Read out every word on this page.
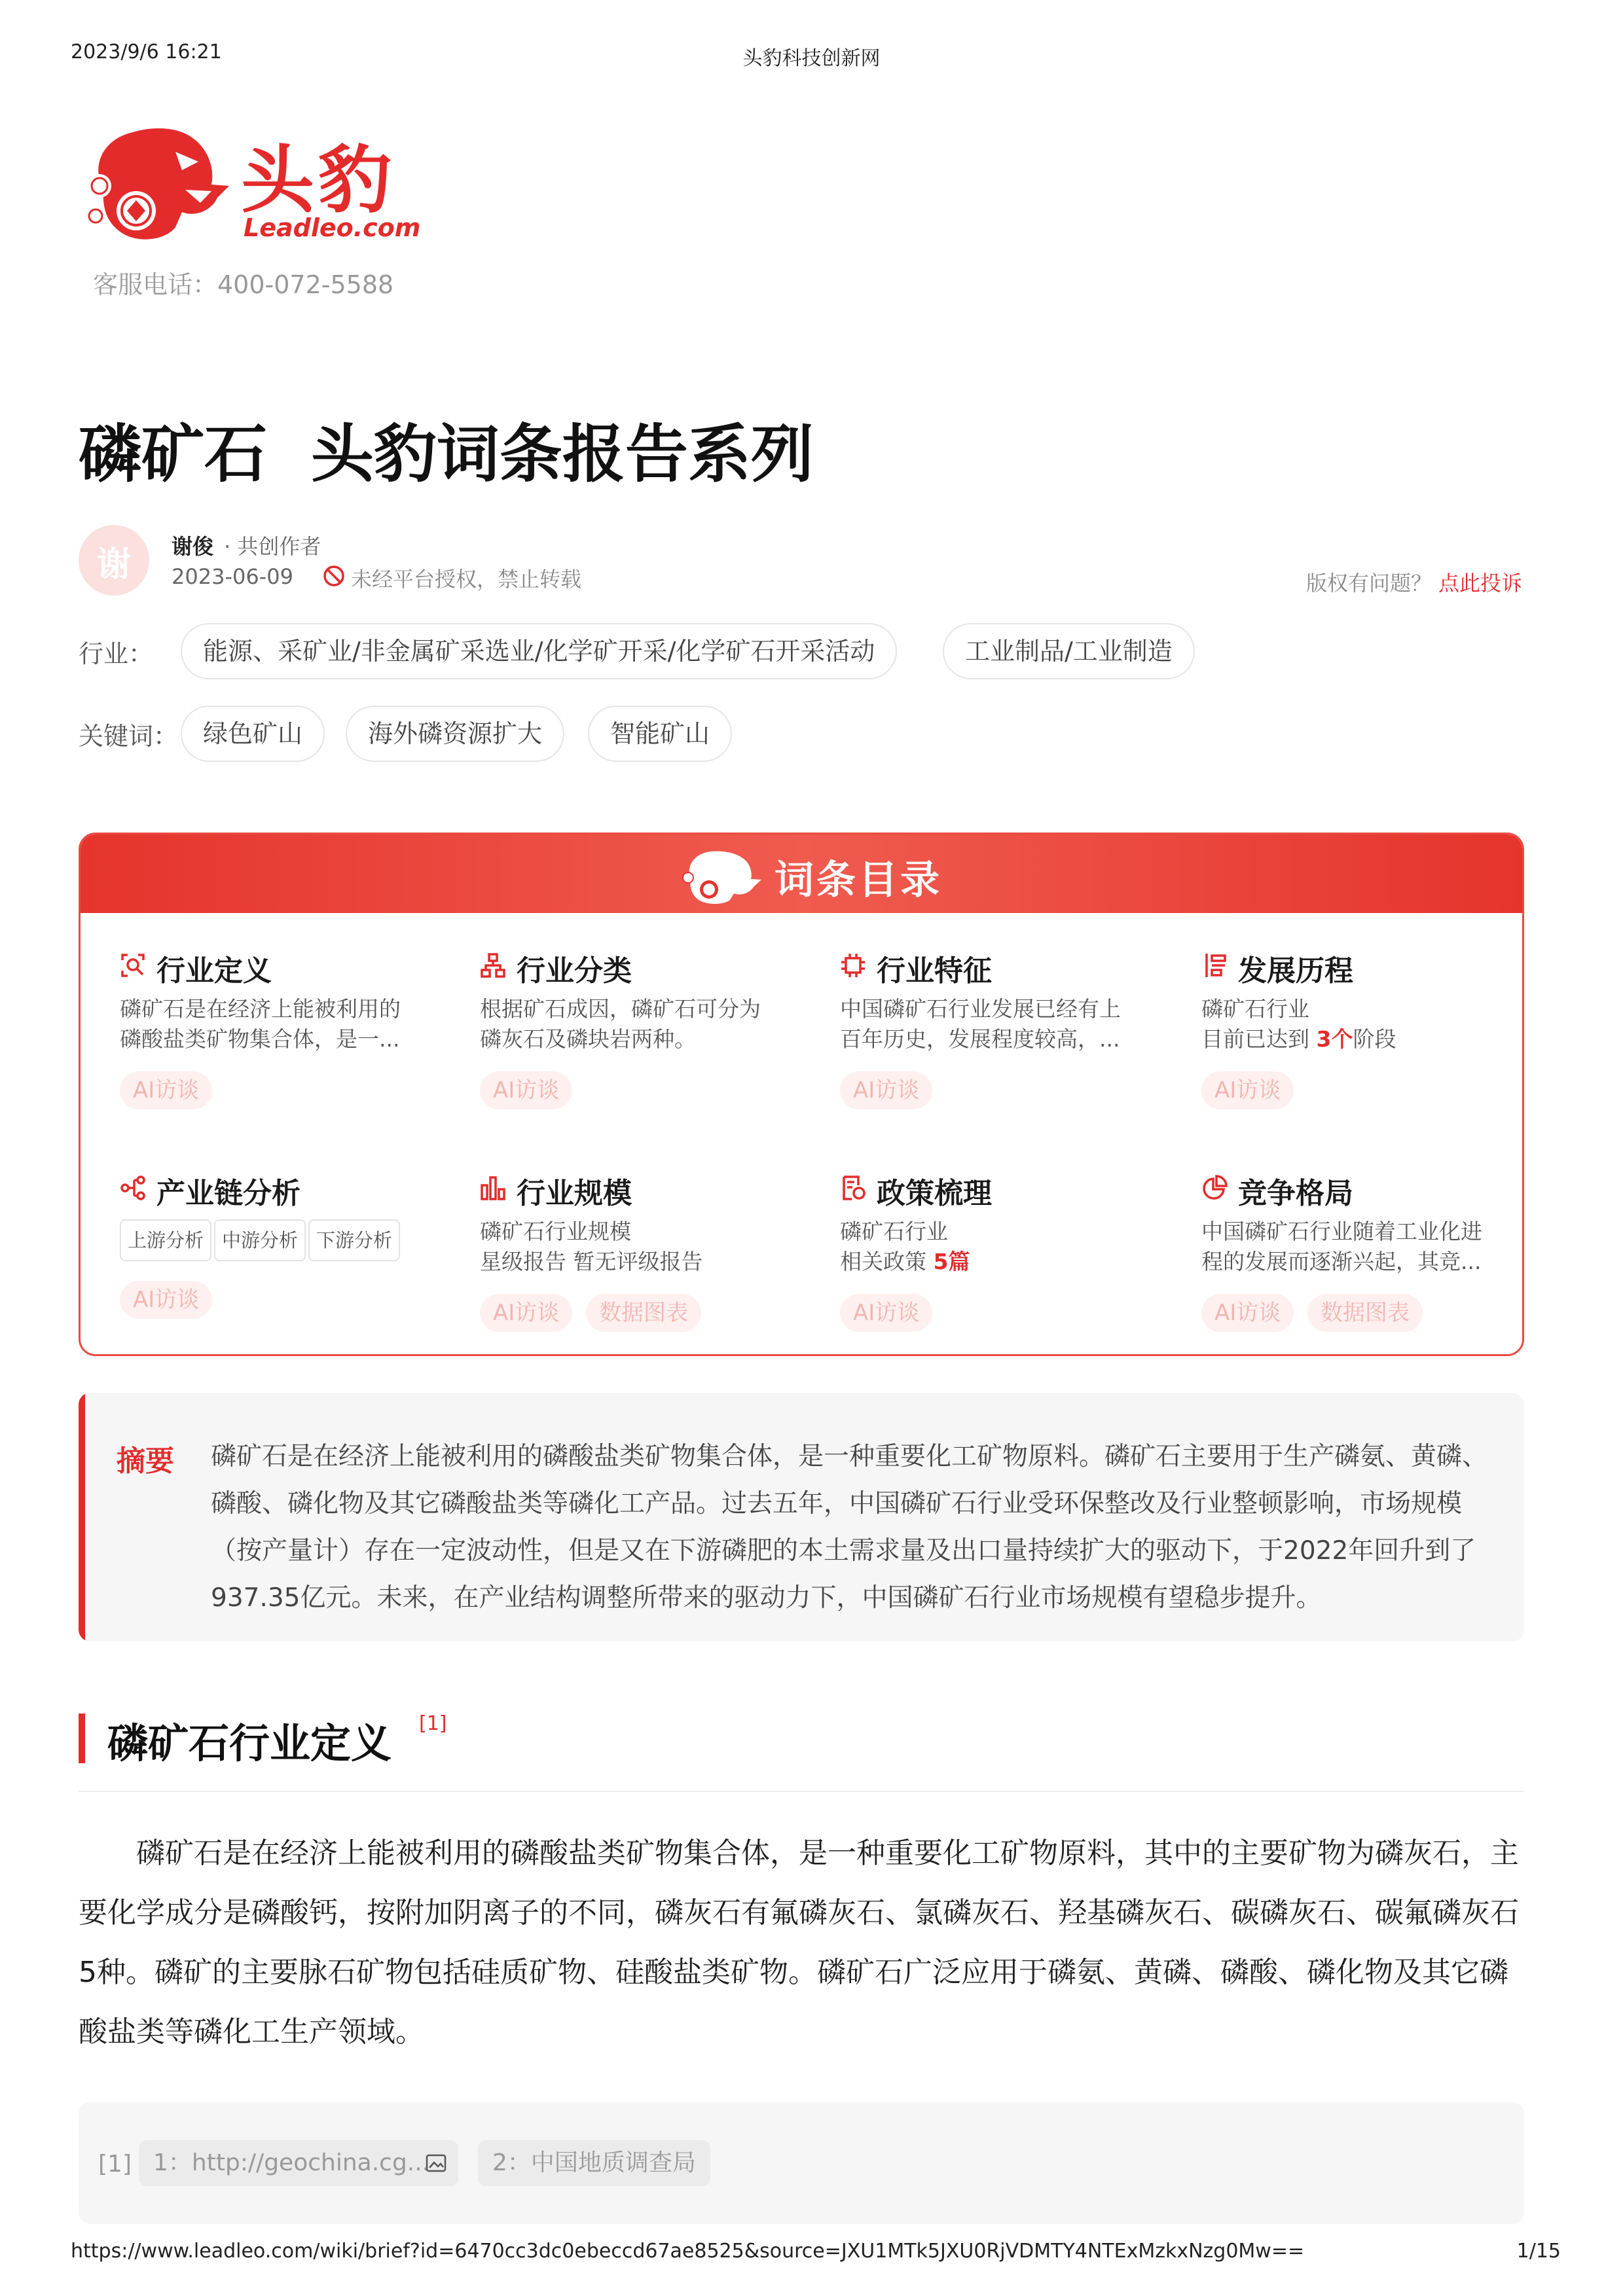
2023/9/6 16:21	头豹科技创新网
头豹
Leadleo.com
客服电话：400-072-5588
磷矿石  头豹词条报告系列
谢	谢俊 · 共创作者
2023-06-09	未经平台授权，禁止转载	版权有问题？ 点此投诉
行业：	能源、采矿业/非金属矿采选业/化学矿开采/化学矿石开采活动	工业制品/工业制造
关键词： 绿色矿山	海外磷资源扩大	智能矿山
词条目录
行业定义
磷矿石是在经济上能被利用的
磷酸盐类矿物集合体，是一...
AI访谈
行业分类
根据矿石成因，磷矿石可分为
磷灰石及磷块岩两种。
AI访谈
行业特征
中国磷矿石行业发展已经有上
百年历史，发展程度较高，...
AI访谈
发展历程
磷矿石行业
目前已达到 3个阶段
AI访谈
产业链分析
上游分析 中游分析 下游分析
AI访谈
行业规模
磷矿石行业规模
星级报告 暂无评级报告
AI访谈	数据图表
政策梳理
磷矿石行业
相关政策 5篇
AI访谈
竞争格局
中国磷矿石行业随着工业化进
程的发展而逐渐兴起，其竞...
AI访谈	数据图表
摘要 磷矿石是在经济上能被利用的磷酸盐类矿物集合体，是一种重要化工矿物原料。磷矿石主要用于生产磷氨、黄磷、磷酸、磷化物及其它磷酸盐类等磷化工产品。过去五年，中国磷矿石行业受环保整改及行业整顿影响，市场规模（按产量计）存在一定波动性，但是又在下游磷肥的本土需求量及出口量持续扩大的驱动下，于2022年回升到了937.35亿元。未来，在产业结构调整所带来的驱动力下，中国磷矿石行业市场规模有望稳步提升。
磷矿石行业定义 [1]
磷矿石是在经济上能被利用的磷酸盐类矿物集合体，是一种重要化工矿物原料，其中的主要矿物为磷灰石，主要化学成分是磷酸钙，按附加阴离子的不同，磷灰石有氟磷灰石、氯磷灰石、羟基磷灰石、碳磷灰石、碳氟磷灰石5种。磷矿的主要脉石矿物包括硅质矿物、硅酸盐类矿物。磷矿石广泛应用于磷氨、黄磷、磷酸、磷化物及其它磷酸盐类等磷化工生产领域。
[1] 1：http://geochina.cg...	2：中国地质调查局
https://www.leadleo.com/wiki/brief?id=6470cc3dc0ebeccd67ae8525&source=JXU1MTk5JXU0RjVDMTY4NTExMzkxNzg0Mw==	1/15
